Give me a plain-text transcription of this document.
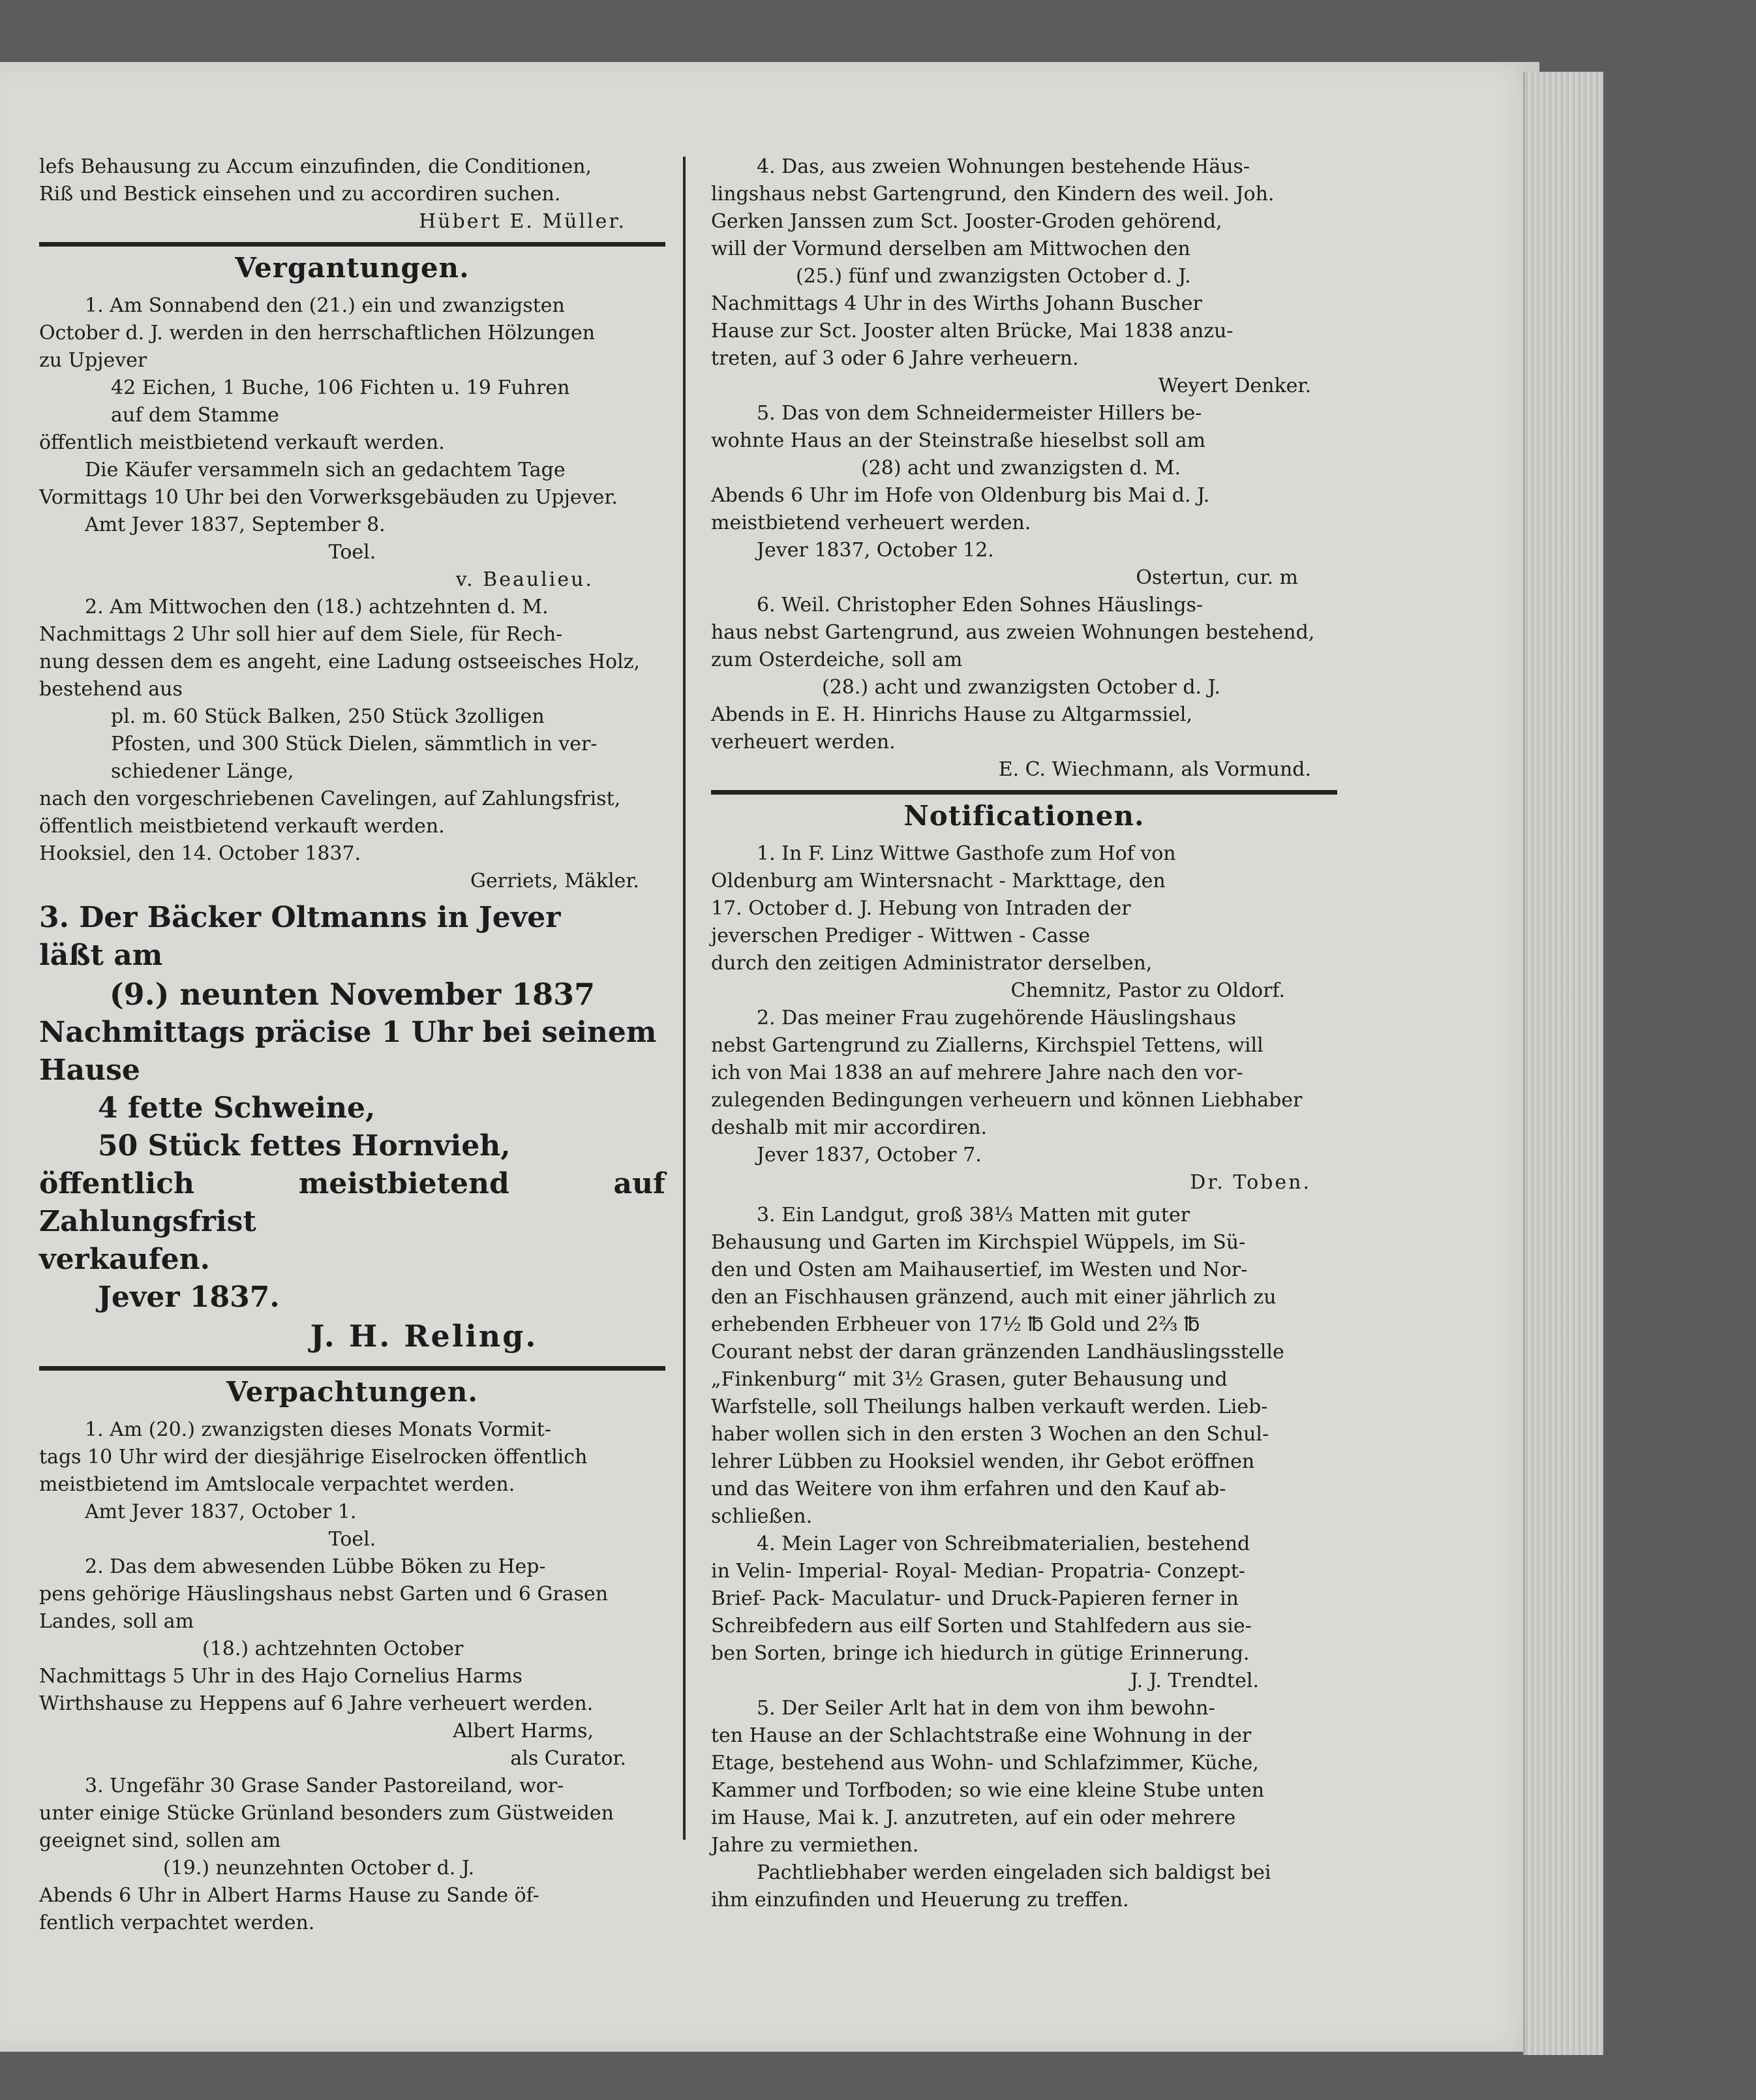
lefs Behausung zu Accum einzufinden, die Conditionen,

Riß und Bestick einsehen und zu accordiren suchen.

Hübert E. Müller.

Vergantungen.

1. Am Sonnabend den (21.) ein und zwanzigsten

October d. J. werden in den herrschaftlichen Hölzungen

zu Upjever

42 Eichen, 1 Buche, 106 Fichten u. 19 Fuhren

auf dem Stamme

öffentlich meistbietend verkauft werden.

Die Käufer versammeln sich an gedachtem Tage

Vormittags 10 Uhr bei den Vorwerksgebäuden zu Upjever.

Amt Jever 1837, September 8.

Toel.

v. Beaulieu.

2. Am Mittwochen den (18.) achtzehnten d. M.

Nachmittags 2 Uhr soll hier auf dem Siele, für Rech-

nung dessen dem es angeht, eine Ladung ostseeisches Holz,

bestehend aus

pl. m. 60 Stück Balken, 250 Stück 3zolligen

Pfosten, und 300 Stück Dielen, sämmtlich in ver-

schiedener Länge,

nach den vorgeschriebenen Cavelingen, auf Zahlungsfrist,

öffentlich meistbietend verkauft werden.

Hooksiel, den 14. October 1837.

Gerriets, Mäkler.

3. Der Bäcker Oltmanns in Jever

läßt am

(9.) neunten November 1837

Nachmittags präcise 1 Uhr bei seinem

Hause

4 fette Schweine,

50 Stück fettes Hornvieh,

öffentlich meistbietend auf Zahlungsfrist

verkaufen.

Jever 1837.

J. H. Reling.

Verpachtungen.

1. Am (20.) zwanzigsten dieses Monats Vormit-

tags 10 Uhr wird der diesjährige Eiselrocken öffentlich

meistbietend im Amtslocale verpachtet werden.

Amt Jever 1837, October 1.

Toel.

2. Das dem abwesenden Lübbe Böken zu Hep-

pens gehörige Häuslingshaus nebst Garten und 6 Grasen

Landes, soll am

(18.) achtzehnten October

Nachmittags 5 Uhr in des Hajo Cornelius Harms

Wirthshause zu Heppens auf 6 Jahre verheuert werden.

Albert Harms,

als Curator.

3. Ungefähr 30 Grase Sander Pastoreiland, wor-

unter einige Stücke Grünland besonders zum Güstweiden

geeignet sind, sollen am

(19.) neunzehnten October d. J.

Abends 6 Uhr in Albert Harms Hause zu Sande öf-

fentlich verpachtet werden.

4. Das, aus zweien Wohnungen bestehende Häus-

lingshaus nebst Gartengrund, den Kindern des weil. Joh.

Gerken Janssen zum Sct. Jooster-Groden gehörend,

will der Vormund derselben am Mittwochen den

(25.) fünf und zwanzigsten October d. J.

Nachmittags 4 Uhr in des Wirths Johann Buscher

Hause zur Sct. Jooster alten Brücke, Mai 1838 anzu-

treten, auf 3 oder 6 Jahre verheuern.

Weyert Denker.

5. Das von dem Schneidermeister Hillers be-

wohnte Haus an der Steinstraße hieselbst soll am

(28) acht und zwanzigsten d. M.

Abends 6 Uhr im Hofe von Oldenburg bis Mai d. J.

meistbietend verheuert werden.

Jever 1837, October 12.

Ostertun, cur. m

6. Weil. Christopher Eden Sohnes Häuslings-

haus nebst Gartengrund, aus zweien Wohnungen bestehend,

zum Osterdeiche, soll am

(28.) acht und zwanzigsten October d. J.

Abends in E. H. Hinrichs Hause zu Altgarmssiel,

verheuert werden.

E. C. Wiechmann, als Vormund.

Notificationen.

1. In F. Linz Wittwe Gasthofe zum Hof von

Oldenburg am Wintersnacht - Markttage, den

17. October d. J. Hebung von Intraden der

jeverschen Prediger - Wittwen - Casse

durch den zeitigen Administrator derselben,

Chemnitz, Pastor zu Oldorf.

2. Das meiner Frau zugehörende Häuslingshaus

nebst Gartengrund zu Ziallerns, Kirchspiel Tettens, will

ich von Mai 1838 an auf mehrere Jahre nach den vor-

zulegenden Bedingungen verheuern und können Liebhaber

deshalb mit mir accordiren.

Jever 1837, October 7.

Dr. Toben.

3. Ein Landgut, groß 38⅓ Matten mit guter

Behausung und Garten im Kirchspiel Wüppels, im Sü-

den und Osten am Maihausertief, im Westen und Nor-

den an Fischhausen gränzend, auch mit einer jährlich zu

erhebenden Erbheuer von 17½ ℔ Gold und 2⅔ ℔

Courant nebst der daran gränzenden Landhäuslingsstelle

„Finkenburg“ mit 3½ Grasen, guter Behausung und

Warfstelle, soll Theilungs halben verkauft werden. Lieb-

haber wollen sich in den ersten 3 Wochen an den Schul-

lehrer Lübben zu Hooksiel wenden, ihr Gebot eröffnen

und das Weitere von ihm erfahren und den Kauf ab-

schließen.

4. Mein Lager von Schreibmaterialien, bestehend

in Velin- Imperial- Royal- Median- Propatria- Conzept-

Brief- Pack- Maculatur- und Druck-Papieren ferner in

Schreibfedern aus eilf Sorten und Stahlfedern aus sie-

ben Sorten, bringe ich hiedurch in gütige Erinnerung.

J. J. Trendtel.

5. Der Seiler Arlt hat in dem von ihm bewohn-

ten Hause an der Schlachtstraße eine Wohnung in der

Etage, bestehend aus Wohn- und Schlafzimmer, Küche,

Kammer und Torfboden; so wie eine kleine Stube unten

im Hause, Mai k. J. anzutreten, auf ein oder mehrere

Jahre zu vermiethen.

Pachtliebhaber werden eingeladen sich baldigst bei

ihm einzufinden und Heuerung zu treffen.
